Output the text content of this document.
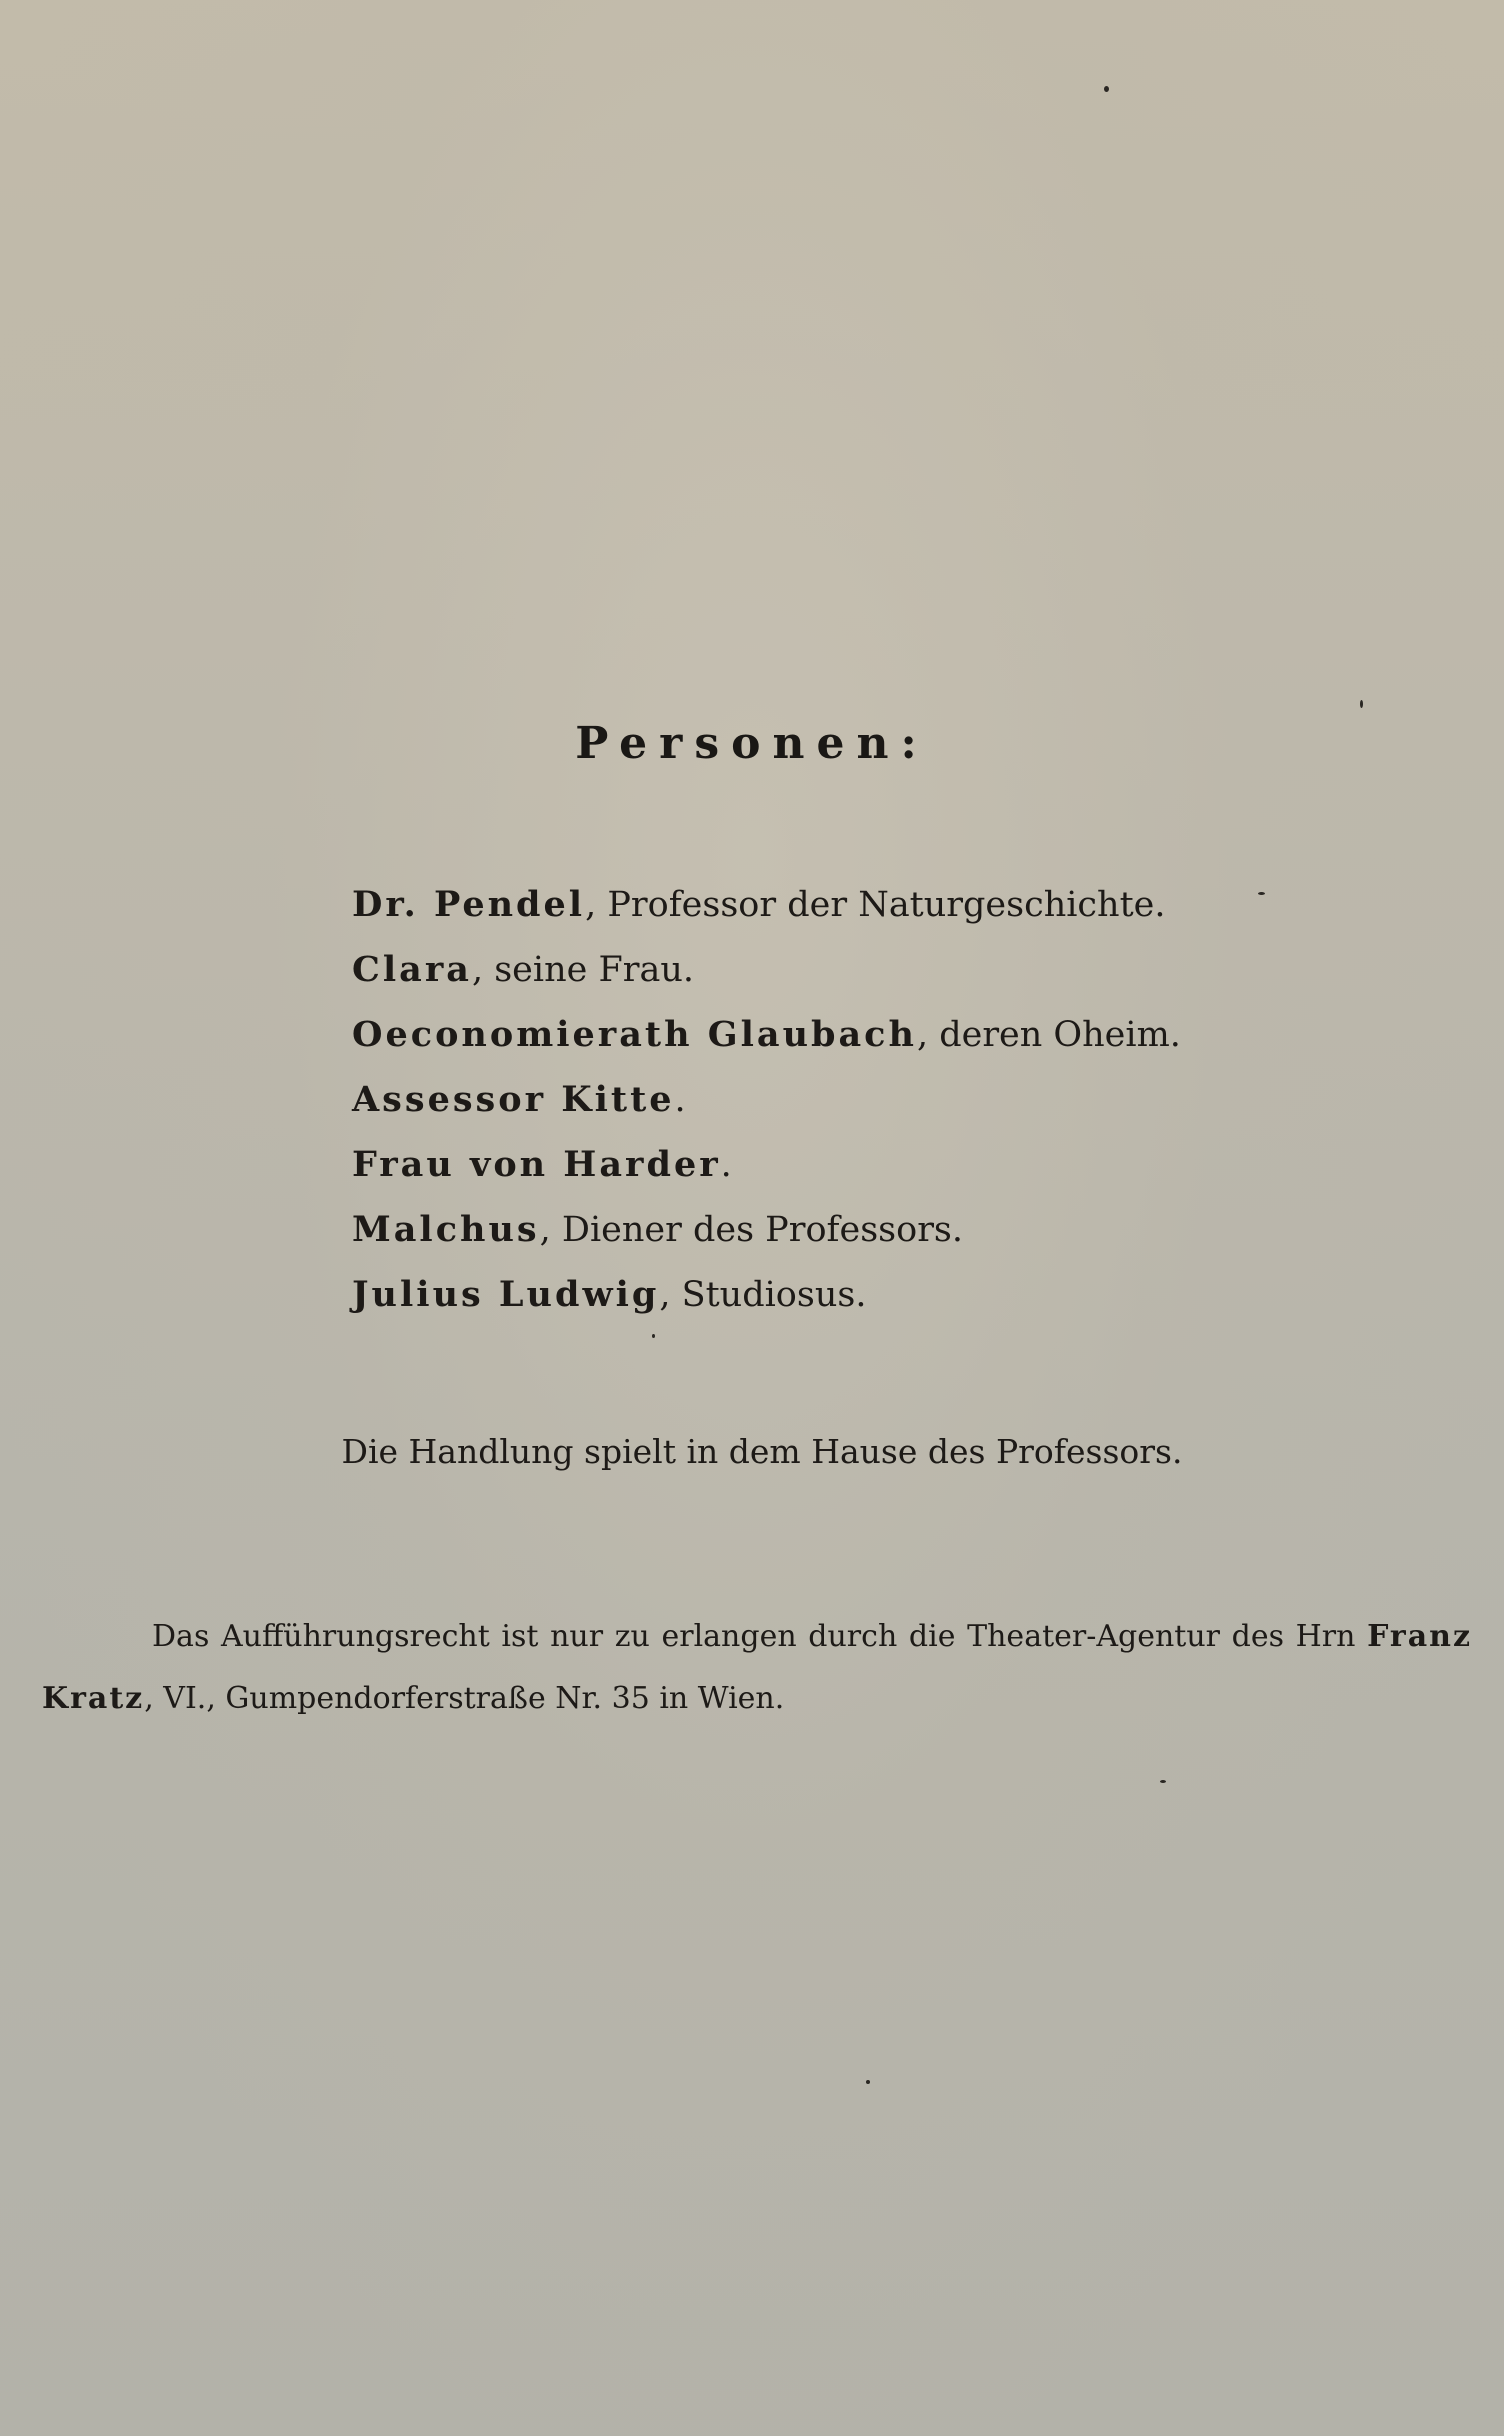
Personen:
Dr. Pendel, Professor der Naturgeschichte.
Clara, seine Frau.
Oeconomierath Glaubach, deren Oheim.
Assessor Kitte.
Frau von Harder.
Malchus, Diener des Professors.
Julius Ludwig, Studiosus.
Die Handlung spielt in dem Hause des Professors.

Das Aufführungsrecht ist nur zu erlangen durch die Theater-Agentur des Hrn Franz Kratz, VI., Gumpendorferstraße Nr. 35 in Wien.
